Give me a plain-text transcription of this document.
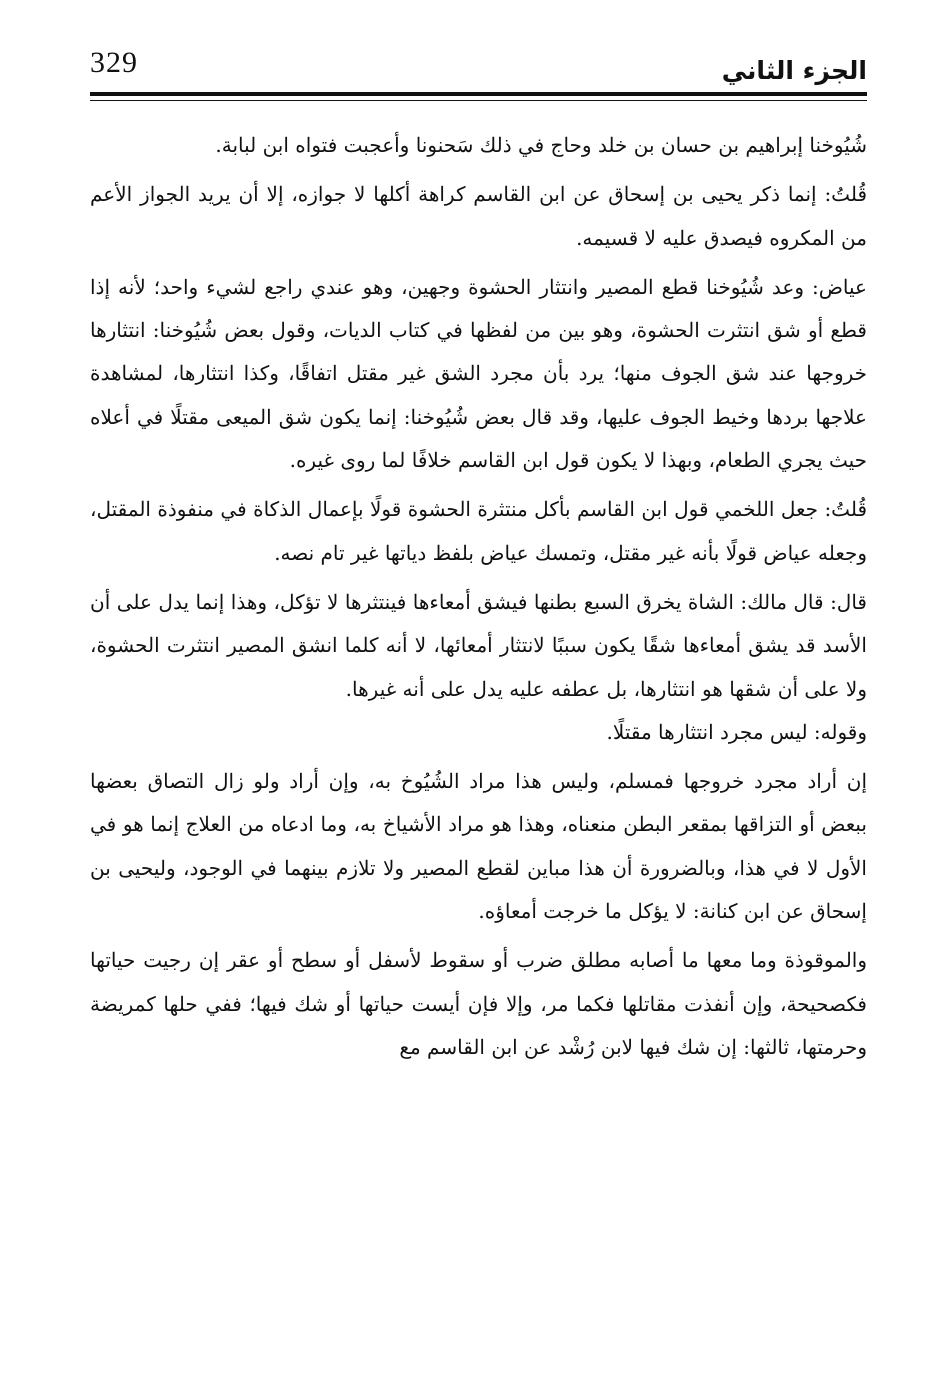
329	الجزء الثاني

شُيُوخنا إبراهيم بن حسان بن خلد وحاج في ذلك سَحنونا وأعجبت فتواه ابن لبابة.

قُلتُ: إنما ذكر يحيى بن إسحاق عن ابن القاسم كراهة أكلها لا جوازه، إلا أن يريد الجواز الأعم من المكروه فيصدق عليه لا قسيمه.

عياض: وعد شُيُوخنا قطع المصير وانتثار الحشوة وجهين، وهو عندي راجع لشيء واحد؛ لأنه إذا قطع أو شق انتثرت الحشوة، وهو بين من لفظها في كتاب الديات، وقول بعض شُيُوخنا: انتثارها خروجها عند شق الجوف منها؛ يرد بأن مجرد الشق غير مقتل اتفاقًا، وكذا انتثارها، لمشاهدة علاجها بردها وخيط الجوف عليها، وقد قال بعض شُيُوخنا: إنما يكون شق الميعى مقتلًا في أعلاه حيث يجري الطعام، وبهذا لا يكون قول ابن القاسم خلافًا لما روى غيره.

قُلتُ: جعل اللخمي قول ابن القاسم بأكل منتثرة الحشوة قولًا بإعمال الذكاة في منفوذة المقتل، وجعله عياض قولًا بأنه غير مقتل، وتمسك عياض بلفظ دياتها غير تام نصه.

قال: قال مالك: الشاة يخرق السبع بطنها فيشق أمعاءها فينتثرها لا تؤكل، وهذا إنما يدل على أن الأسد قد يشق أمعاءها شقًا يكون سببًا لانتثار أمعائها، لا أنه كلما انشق المصير انتثرت الحشوة، ولا على أن شقها هو انتثارها، بل عطفه عليه يدل على أنه غيرها.

وقوله: ليس مجرد انتثارها مقتلًا.

إن أراد مجرد خروجها فمسلم، وليس هذا مراد الشُيُوخ به، وإن أراد ولو زال التصاق بعضها ببعض أو التزاقها بمقعر البطن منعناه، وهذا هو مراد الأشياخ به، وما ادعاه من العلاج إنما هو في الأول لا في هذا، وبالضرورة أن هذا مباين لقطع المصير ولا تلازم بينهما في الوجود، وليحيى بن إسحاق عن ابن كنانة: لا يؤكل ما خرجت أمعاؤه.

والموقوذة وما معها ما أصابه مطلق ضرب أو سقوط لأسفل أو سطح أو عقر إن رجيت حياتها فكصحيحة، وإن أنفذت مقاتلها فكما مر، وإلا فإن أيست حياتها أو شك فيها؛ ففي حلها كمريضة وحرمتها، ثالثها: إن شك فيها لابن رُشْد عن ابن القاسم مع
